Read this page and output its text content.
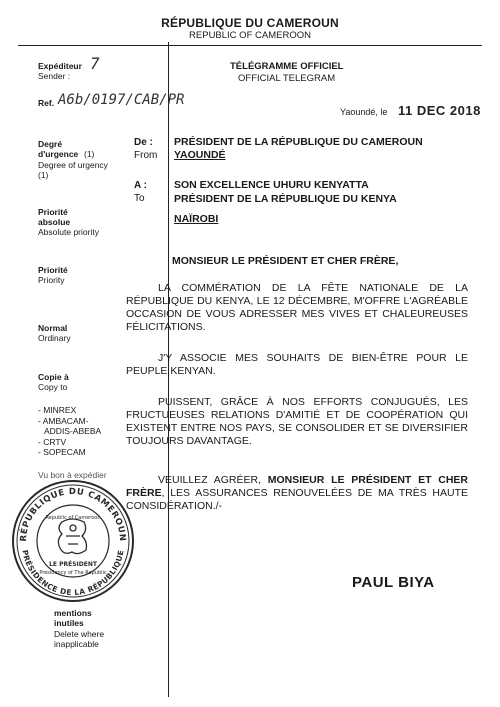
RÉPUBLIQUE DU CAMEROUN
REPUBLIC OF CAMEROON
Expéditeur
Sender :
7
Ref. A6b/0197/CAB/PR
Degré d'urgence (1)
Degree of urgency (1)
Priorité absolue
Absolute priority
Priorité
Priority
Normal
Ordinary
Copie à
Copy to
- MINREX
- AMBACAM-
ADDIS-ABEBA
- CRTV
- SOPECAM
Vu bon à expédier
mentions inutiles
Delete where inapplicable
RÉPUBLIQUE DU CAMEROUN
PRÉSIDENCE DE LA RÉPUBLIQUE
Republic of Cameroon
LE PRÉSIDENT
Presidency of The Republic
TÉLÉGRAMME OFFICIEL
OFFICIAL TELEGRAM
Yaoundé, le 11 DEC 2018
De :
From
PRÉSIDENT DE LA RÉPUBLIQUE DU CAMEROUN
YAOUNDÉ
A :
To
SON EXCELLENCE UHURU KENYATTA
PRÉSIDENT DE LA RÉPUBLIQUE DU KENYA
NAÏROBI
MONSIEUR LE PRÉSIDENT ET CHER FRÈRE,
LA COMMÉRATION DE LA FÊTE NATIONALE DE LA RÉPUBLIQUE DU KENYA, LE 12 DÉCEMBRE, M'OFFRE L'AGRÉABLE OCCASION DE VOUS ADRESSER MES VIVES ET CHALEUREUSES FÉLICITATIONS.
J'Y ASSOCIE MES SOUHAITS DE BIEN-ÊTRE POUR LE PEUPLE KENYAN.
PUISSENT, GRÂCE À NOS EFFORTS CONJUGUÉS, LES FRUCTUEUSES RELATIONS D'AMITIÉ ET DE COOPÉRATION QUI EXISTENT ENTRE NOS PAYS, SE CONSOLIDER ET SE DIVERSIFIER TOUJOURS DAVANTAGE.
VEUILLEZ AGRÉER, MONSIEUR LE PRÉSIDENT ET CHER FRÈRE, LES ASSURANCES RENOUVELÉES DE MA TRÈS HAUTE CONSIDÉRATION./-
PAUL BIYA
